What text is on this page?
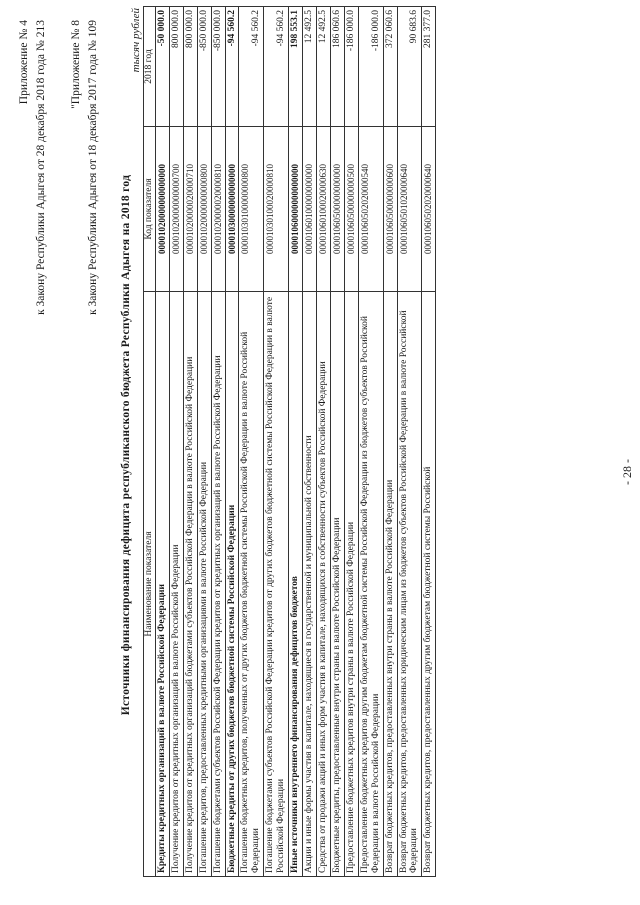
- 28 -
Приложение № 4 к Закону Республики Адыгея от 28 декабря 2018 года № 213 "Приложение № 8 к Закону Республики Адыгея от 18 декабря 2017 года № 109
Источники финансирования дефицита республиканского бюджета Республики Адыгея на 2018 год
тысяч рублей
Наименование показателя	Код показателя	2018 год
Кредиты кредитных организаций в валюте Российской Федерации	00001020000000000000	-50 000.0
Получение кредитов от кредитных организаций в валюте Российской Федерации	00001020000000000700	800 000.0
Получение кредитов от кредитных организаций бюджетами субъектов Российской Федерации в валюте Российской Федерации	00001020000020000710	800 000.0
Погашение кредитов, предоставленных кредитными организациями в валюте Российской Федерации	00001020000000000800	-850 000.0
Погашение бюджетами субъектов Российской Федерации кредитов от кредитных организаций в валюте Российской Федерации	00001020000020000810	-850 000.0
Бюджетные кредиты от других бюджетов бюджетной системы Российской Федерации	00001030000000000000	-94 560.2
Погашение бюджетных кредитов, полученных от других бюджетов бюджетной системы Российской Федерации в валюте Российской Федерации	00001030100000000800	-94 560.2
Погашение бюджетами субъектов Российской Федерации кредитов от других бюджетов бюджетной системы Российской Федерации в валюте Российской Федерации	00001030100020000810	-94 560.2
Иные источники внутреннего финансирования дефицитов бюджетов	00001060000000000000	198 553.1
Акции и иные формы участия в капитале, находящиеся в государственной и муниципальной собственности	00001060100000000000	12 492.5
Средства от продажи акций и иных форм участия в капитале, находящихся в собственности субъектов Российской Федерации	00001060100020000630	12 492.5
Бюджетные кредиты, предоставленные внутри страны в валюте Российской Федерации	00001060500000000000	186 060.6
Предоставление бюджетных кредитов внутри страны в валюте Российской Федерации	00001060500000000500	-186 000.0
Предоставление бюджетных кредитов другим бюджетам бюджетной системы Российской Федерации из бюджетов субъектов Российской Федерации в валюте Российской Федерации	00001060502020000540	-186 000.0
Возврат бюджетных кредитов, предоставленных внутри страны в валюте Российской Федерации	00001060500000000600	372 060.6
Возврат бюджетных кредитов, предоставленных юридическим лицам из бюджетов субъектов Российской Федерации в валюте Российской Федерации	00001060501020000640	90 683.6
Возврат бюджетных кредитов, предоставленных другим бюджетам бюджетной системы Российской	00001060502020000640	281 377.0
